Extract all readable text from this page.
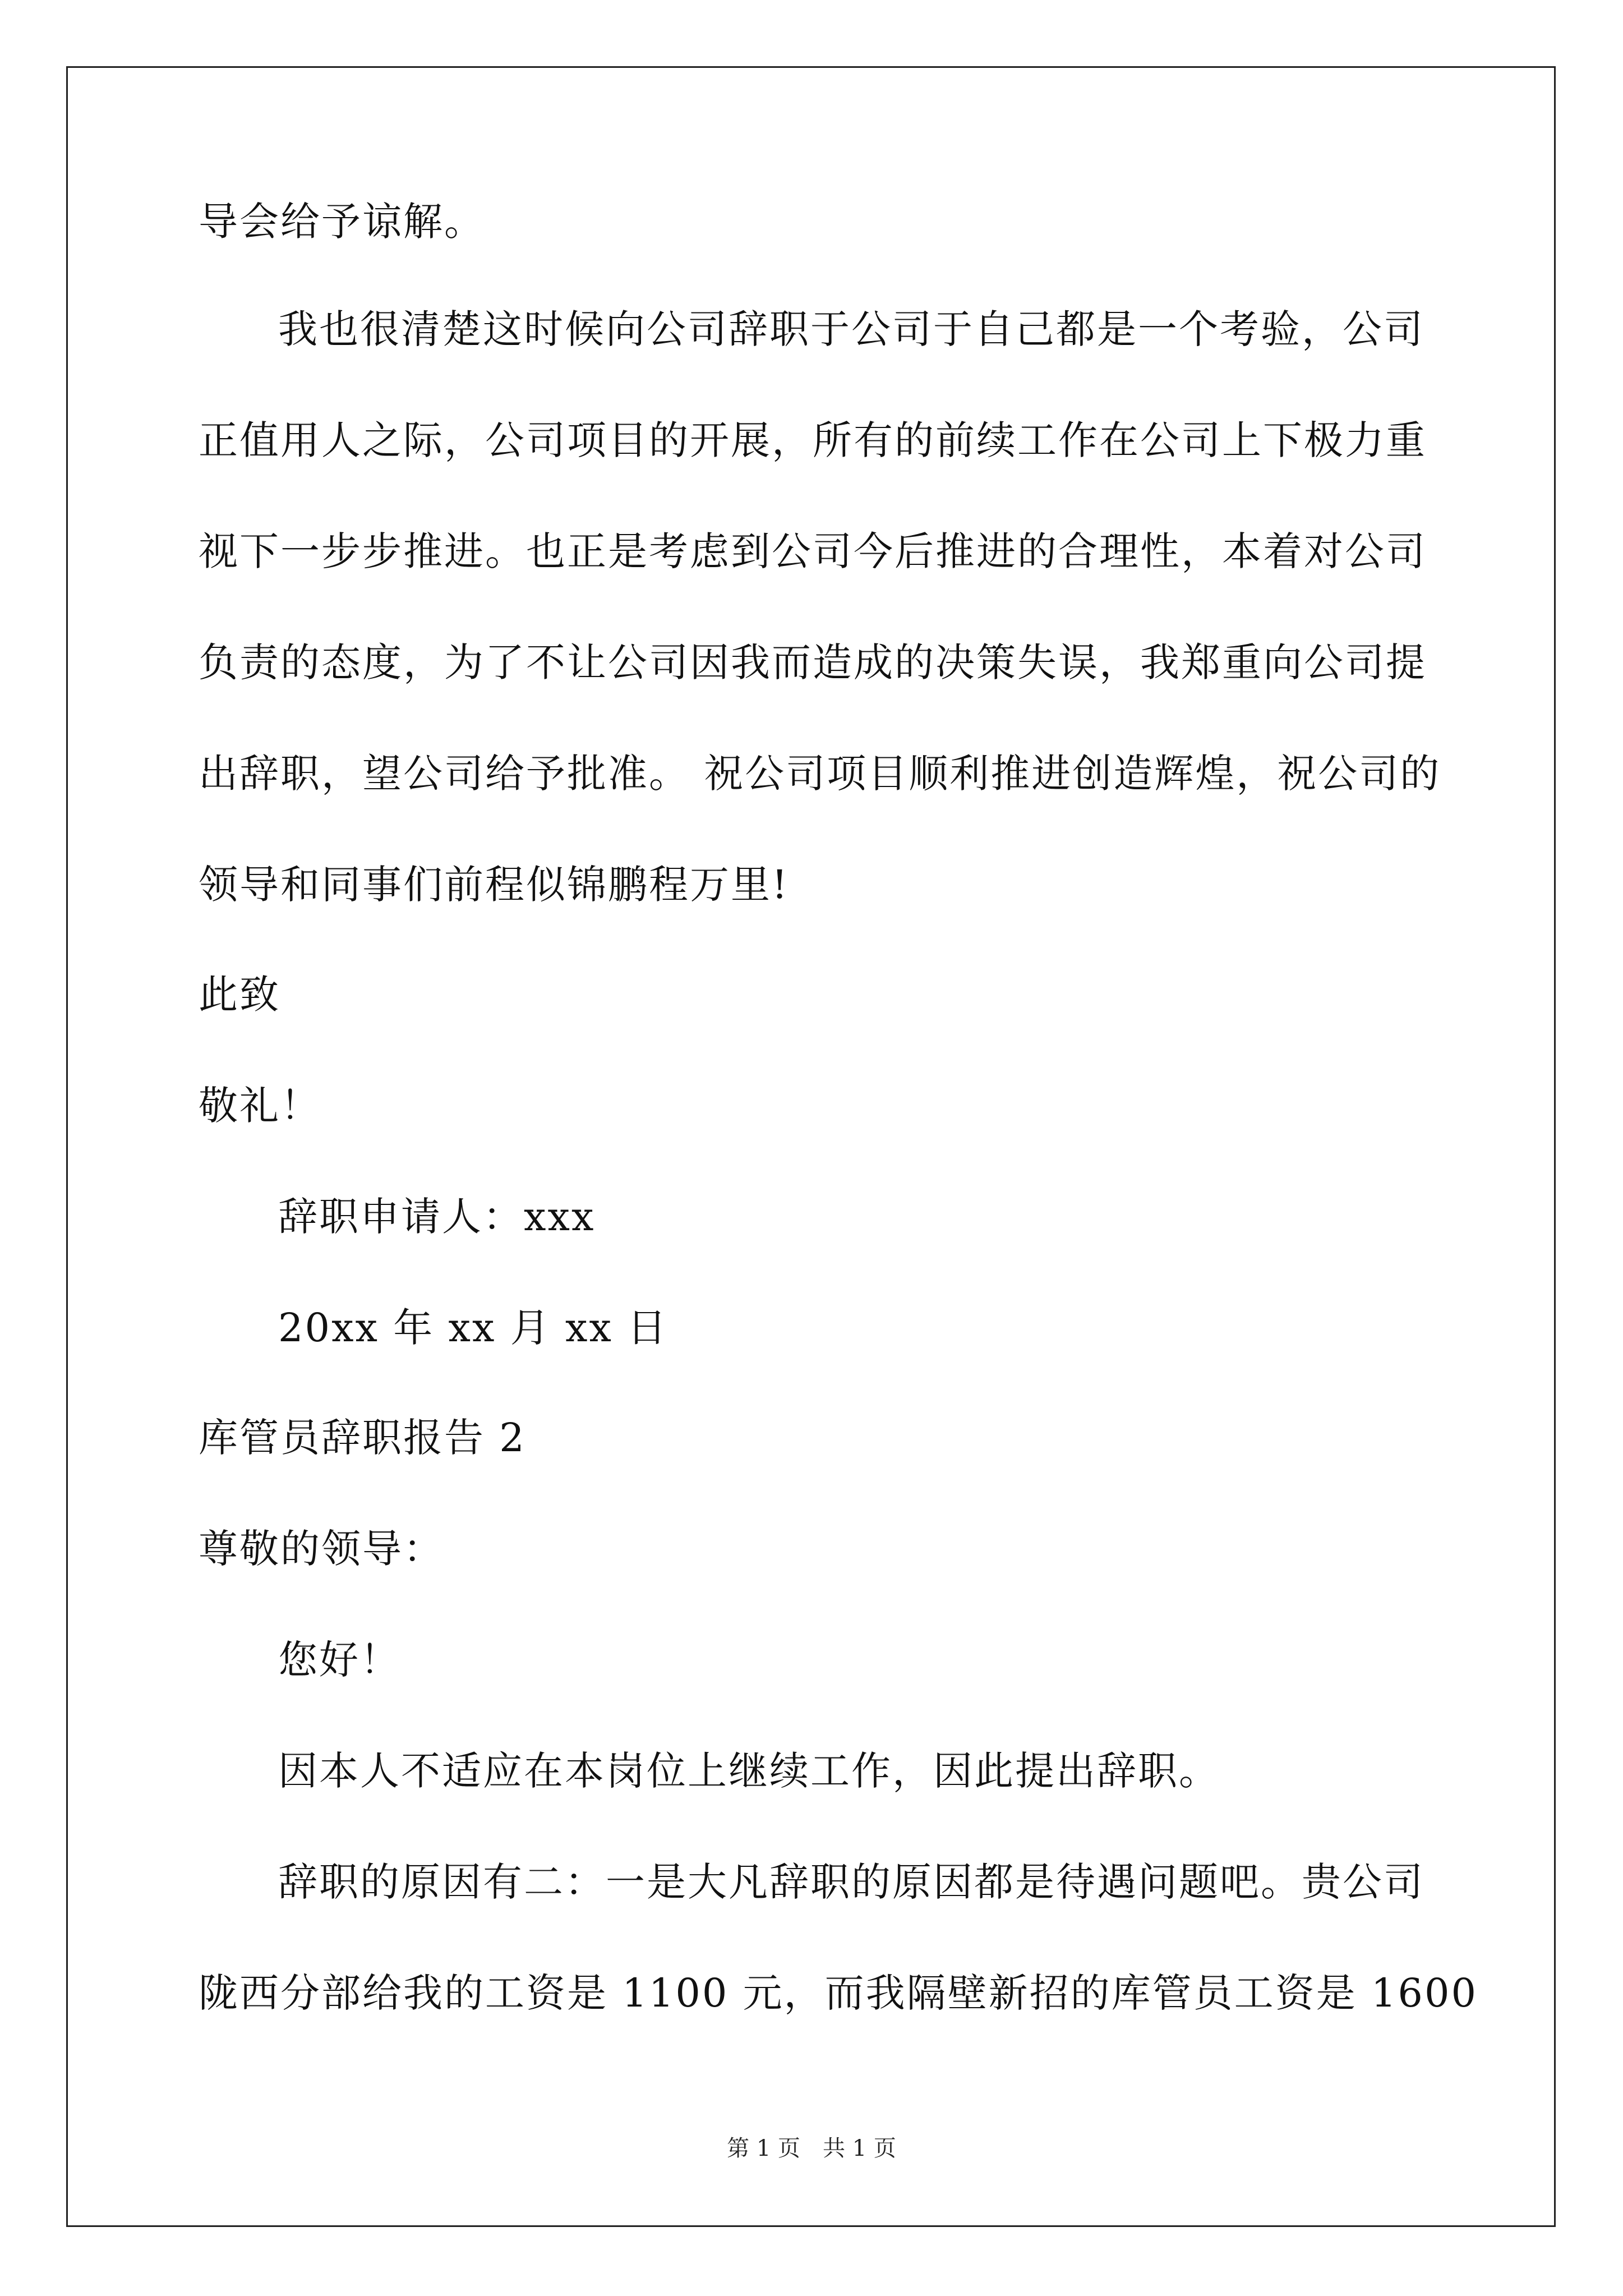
导会给予谅解。
我也很清楚这时候向公司辞职于公司于自己都是一个考验，公司
正值用人之际，公司项目的开展，所有的前续工作在公司上下极力重
视下一步步推进。也正是考虑到公司今后推进的合理性，本着对公司
负责的态度，为了不让公司因我而造成的决策失误，我郑重向公司提
出辞职，望公司给予批准。 祝公司项目顺利推进创造辉煌，祝公司的
领导和同事们前程似锦鹏程万里!
此致
敬礼！
辞职申请人：xxx
20xx 年 xx 月 xx 日
库管员辞职报告 2
尊敬的领导：
您好！
因本人不适应在本岗位上继续工作，因此提出辞职。
辞职的原因有二：一是大凡辞职的原因都是待遇问题吧。贵公司
陇西分部给我的工资是 1100 元，而我隔壁新招的库管员工资是 1600
第 1 页 共 1 页
